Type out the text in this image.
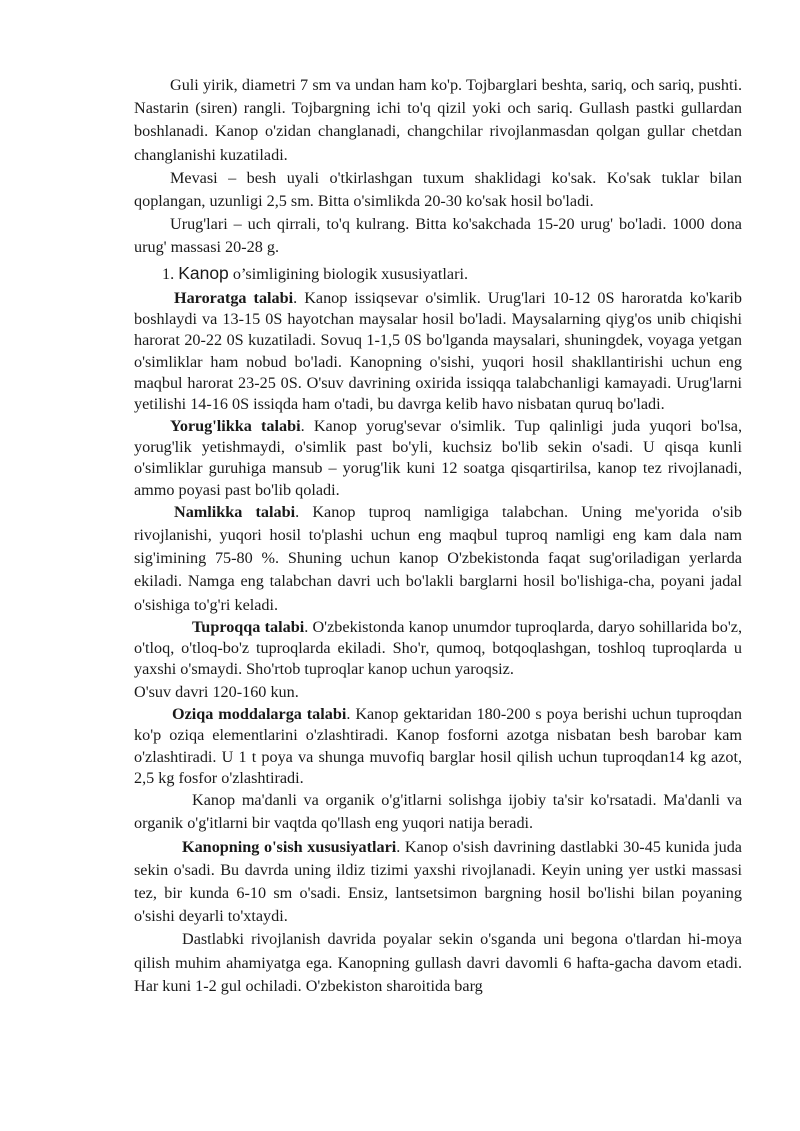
Guli yirik, diametri 7 sm va undan ham ko'p. Tojbarglari beshta, sariq, och sariq, pushti. Nastarin (siren) rangli. Tojbargning ichi to'q qizil yoki och sariq. Gullash pastki gullardan boshlanadi. Kanop o'zidan changlanadi, changchilar rivojlanmasdan qolgan gullar chetdan changlanishi kuzatiladi.

Mevasi – besh uyali o'tkirlashgan tuxum shaklidagi ko'sak. Ko'sak tuklar bilan qoplangan, uzunligi 2,5 sm. Bitta o'simlikda 20-30 ko'sak hosil bo'ladi.

Urug'lari – uch qirrali, to'q kulrang. Bitta ko'sakchada 15-20 urug' bo'ladi. 1000 dona urug' massasi 20-28 g.

1. Kanop o’simligining biologik xususiyatlari.

Haroratga talabi. Kanop issiqsevar o'simlik. Urug'lari 10-12 0S haroratda ko'karib boshlaydi va 13-15 0S hayotchan maysalar hosil bo'ladi. Maysalarning qiyg'os unib chiqishi harorat 20-22 0S kuzatiladi. Sovuq 1-1,5 0S bo'lganda maysalari, shuningdek, voyaga yetgan o'simliklar ham nobud bo'ladi. Kanopning o'sishi, yuqori hosil shakllantirishi uchun eng maqbul harorat 23-25 0S. O'suv davrining oxirida issiqqa talabchanligi kamayadi. Urug'larni yetilishi 14-16 0S issiqda ham o'tadi, bu davrga kelib havo nisbatan quruq bo'ladi.

Yorug'likka talabi. Kanop yorug'sevar o'simlik. Tup qalinligi juda yuqori bo'lsa, yorug'lik yetishmaydi, o'simlik past bo'yli, kuchsiz bo'lib sekin o'sadi. U qisqa kunli o'simliklar guruhiga mansub – yorug'lik kuni 12 soatga qisqartirilsa, kanop tez rivojlanadi, ammo poyasi past bo'lib qoladi.

Namlikka talabi. Kanop tuproq namligiga talabchan. Uning me'yorida o'sib rivojlanishi, yuqori hosil to'plashi uchun eng maqbul tuproq namligi eng kam dala nam sig'imining 75-80 %. Shuning uchun kanop O'zbekistonda faqat sug'oriladigan yerlarda ekiladi. Namga eng talabchan davri uch bo'lakli barglarni hosil bo'lishiga-cha, poyani jadal o'sishiga to'g'ri keladi.

Tuproqqa talabi. O'zbekistonda kanop unumdor tuproqlarda, daryo sohillarida bo'z, o'tloq, o'tloq-bo'z tuproqlarda ekiladi. Sho'r, qumoq, botqoqlashgan, toshloq tuproqlarda u yaxshi o'smaydi. Sho'rtob tuproqlar kanop uchun yaroqsiz.

O'suv davri 120-160 kun.

Oziqa moddalarga talabi. Kanop gektaridan 180-200 s poya berishi uchun tuproqdan ko'p oziqa elementlarini o'zlashtiradi. Kanop fosforni azotga nisbatan besh barobar kam o'zlashtiradi. U 1 t poya va shunga muvofiq barglar hosil qilish uchun tuproqdan14 kg azot, 2,5 kg fosfor o'zlashtiradi.

Kanop ma'danli va organik o'g'itlarni solishga ijobiy ta'sir ko'rsatadi. Ma'danli va organik o'g'itlarni bir vaqtda qo'llash eng yuqori natija beradi.

Kanopning o'sish xususiyatlari. Kanop o'sish davrining dastlabki 30-45 kunida juda sekin o'sadi. Bu davrda uning ildiz tizimi yaxshi rivojlanadi. Keyin uning yer ustki massasi tez, bir kunda 6-10 sm o'sadi. Ensiz, lantsetsimon bargning hosil bo'lishi bilan poyaning o'sishi deyarli to'xtaydi.

Dastlabki rivojlanish davrida poyalar sekin o'sganda uni begona o'tlardan hi-moya qilish muhim ahamiyatga ega. Kanopning gullash davri davomli 6 hafta-gacha davom etadi. Har kuni 1-2 gul ochiladi. O'zbekiston sharoitida barg
